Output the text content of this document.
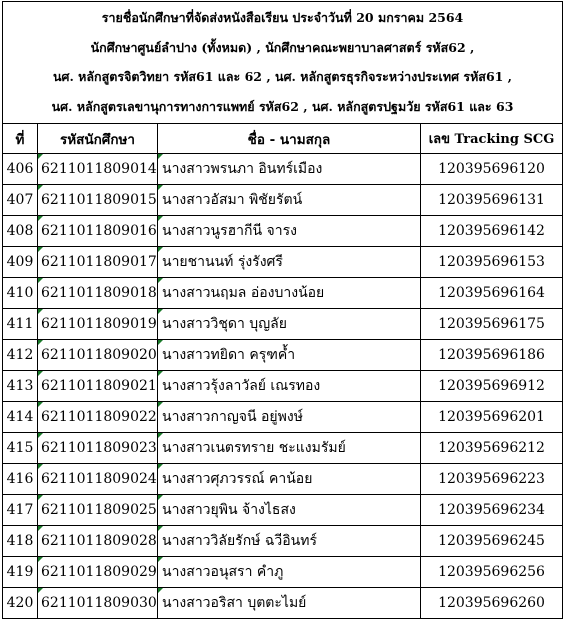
รายชื่อนักศึกษาที่จัดส่งหนังสือเรียน ประจำวันที่ 20 มกราคม 2564			
นักศึกษาศูนย์ลำปาง (ทั้งหมด) , นักศึกษาคณะพยาบาลศาสตร์ รหัส62 ,			
นศ. หลักสูตรจิตวิทยา รหัส61 และ 62 , นศ. หลักสูตรธุรกิจระหว่างประเทศ รหัส61 ,			
นศ. หลักสูตรเลขานุการทางการแพทย์ รหัส62 , นศ. หลักสูตรปฐมวัย รหัส61 และ 63			
ที่	รหัสนักศึกษา	ชื่อ - นามสกุล	เลข Tracking SCG
406	6211011809014	นางสาวพรนภา อินทร์เมือง	120395696120
407	6211011809015	นางสาวอัสมา พิชัยรัตน์	120395696131
408	6211011809016	นางสาวนูรฮากีนี จารง	120395696142
409	6211011809017	นายชานนท์ รุ่งรังศรี	120395696153
410	6211011809018	นางสาวนฤมล อ่องบางน้อย	120395696164
411	6211011809019	นางสาววิชุดา บุญลัย	120395696175
412	6211011809020	นางสาวทยิดา ครุฑค้ำ	120395696186
413	6211011809021	นางสาวรุ้งลาวัลย์ เณรทอง	120395696912
414	6211011809022	นางสาวกาญจนี อยู่พงษ์	120395696201
415	6211011809023	นางสาวเนตรทราย ชะแงมรัมย์	120395696212
416	6211011809024	นางสาวศุภวรรณ์ คาน้อย	120395696223
417	6211011809025	นางสาวยุพิน จ้างไธสง	120395696234
418	6211011809028	นางสาววิลัยรักษ์ ฉวีอินทร์	120395696245
419	6211011809029	นางสาวอนุสรา คำภู	120395696256
420	6211011809030	นางสาวอริสา บุตตะไมย์	120395696260
